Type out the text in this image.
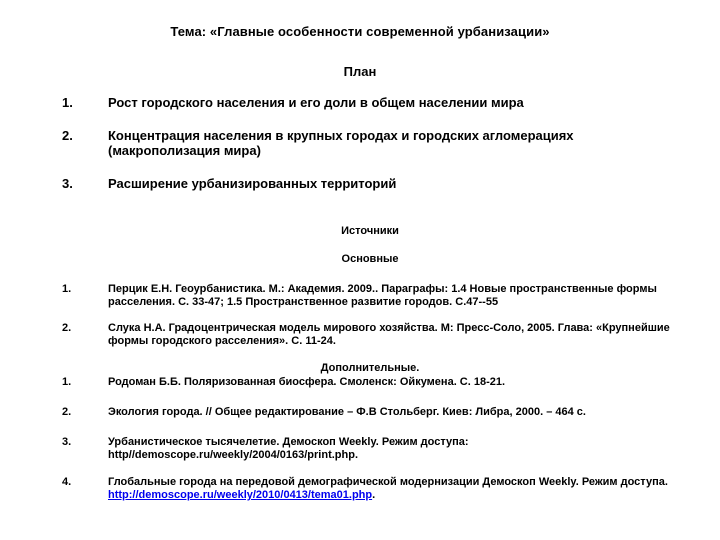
Тема: «Главные особенности современной урбанизации»
План
1.	Рост городского населения и его доли в общем населении мира
2.	Концентрация населения в крупных городах и городских агломерациях (макрополизация мира)
3.	Расширение урбанизированных территорий
Источники
Основные
1.	Перцик Е.Н. Геоурбанистика. М.: Академия. 2009.. Параграфы: 1.4 Новые пространственные формы расселения. С. 33-47; 1.5 Пространственное развитие городов. С.47--55
2.	Слука Н.А. Градоцентрическая модель мирового хозяйства. М: Пресс-Соло, 2005. Глава: «Крупнейшие формы городского расселения». С. 11-24.
Дополнительные.
1.	Родоман Б.Б. Поляризованная биосфера. Смоленск: Ойкумена. С. 18-21.
2.	Экология города. // Общее редактирование – Ф.В Стольберг. Киев: Либра, 2000. – 464 с.
3.	Урбанистическое тысячелетие. Демоскоп Weekly. Режим доступа: http//demoscope.ru/weekly/2004/0163/print.php.
4.	Глобальные города на передовой демографической модернизации Демоскоп Weekly. Режим доступа. http://demoscope.ru/weekly/2010/0413/tema01.php.
